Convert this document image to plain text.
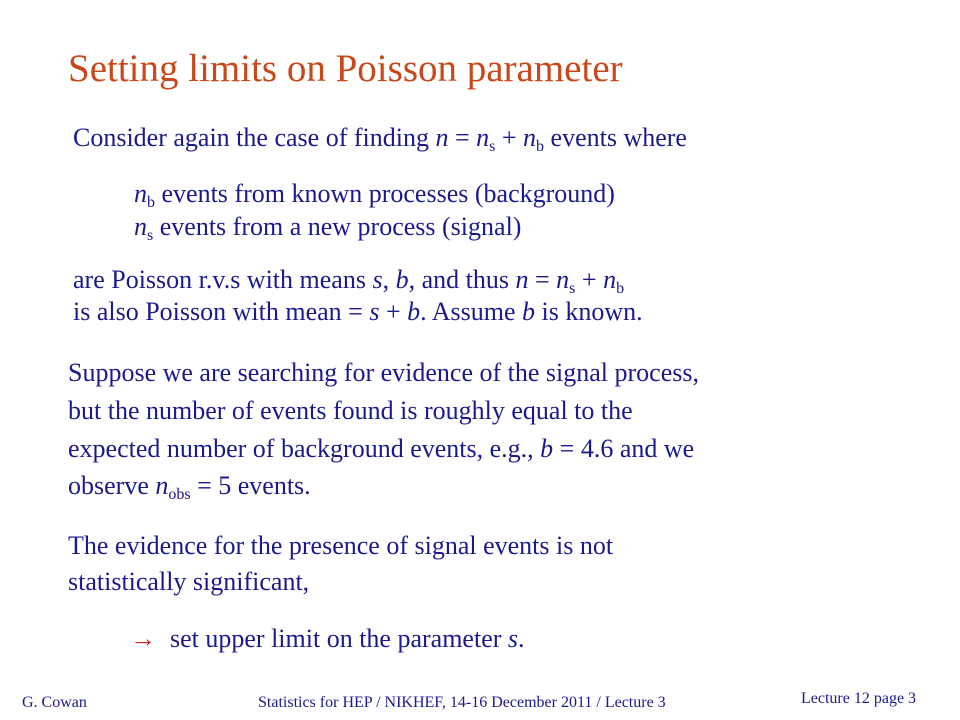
Setting limits on Poisson parameter
Consider again the case of finding $n = n_s + n_b$ events where
$n_b$ events from known processes (background)
$n_s$ events from a new process (signal)
are Poisson r.v.s with means s, b, and thus $n = n_s + n_b$
is also Poisson with mean = s + b. Assume b is known.
Suppose we are searching for evidence of the signal process,
but the number of events found is roughly equal to the
expected number of background events, e.g., b = 4.6 and we
observe $n_{obs} = 5$ events.
The evidence for the presence of signal events is not
statistically significant,
→ set upper limit on the parameter s.
G. Cowan	Statistics for HEP / NIKHEF, 14-16 December 2011 / Lecture 3	Lecture 12 page 3
